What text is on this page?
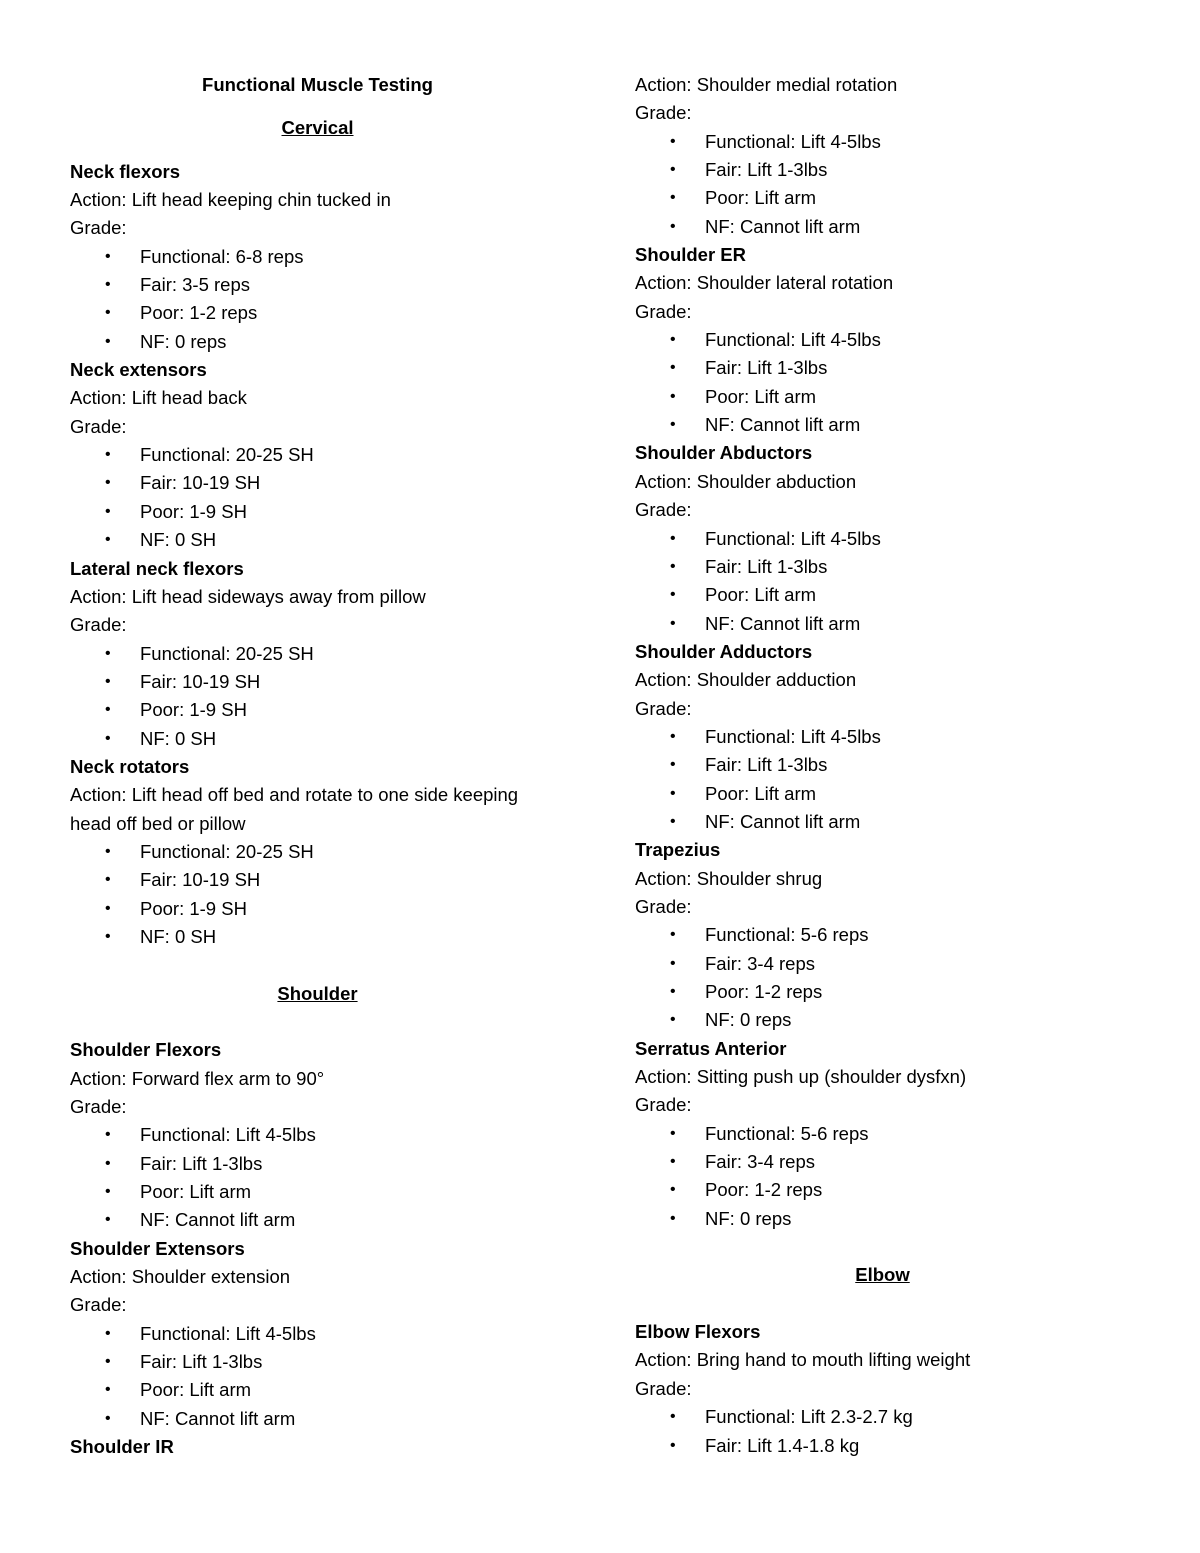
Functional Muscle Testing
Cervical
Neck flexors
Action: Lift head keeping chin tucked in
Grade:
• Functional: 6-8 reps
• Fair: 3-5 reps
• Poor: 1-2 reps
• NF: 0 reps
Neck extensors
Action: Lift head back
Grade:
• Functional: 20-25 SH
• Fair: 10-19 SH
• Poor: 1-9 SH
• NF: 0 SH
Lateral neck flexors
Action: Lift head sideways away from pillow
Grade:
• Functional: 20-25 SH
• Fair: 10-19 SH
• Poor: 1-9 SH
• NF: 0 SH
Neck rotators
Action: Lift head off bed and rotate to one side keeping
head off bed or pillow
• Functional: 20-25 SH
• Fair: 10-19 SH
• Poor: 1-9 SH
• NF: 0 SH
Shoulder
Shoulder Flexors
Action: Forward flex arm to 90°
Grade:
• Functional: Lift 4-5lbs
• Fair: Lift 1-3lbs
• Poor: Lift arm
• NF: Cannot lift arm
Shoulder Extensors
Action: Shoulder extension
Grade:
• Functional: Lift 4-5lbs
• Fair: Lift 1-3lbs
• Poor: Lift arm
• NF: Cannot lift arm
Shoulder IR
Action: Shoulder medial rotation
Grade:
• Functional: Lift 4-5lbs
• Fair: Lift 1-3lbs
• Poor: Lift arm
• NF: Cannot lift arm
Shoulder ER
Action: Shoulder lateral rotation
Grade:
• Functional: Lift 4-5lbs
• Fair: Lift 1-3lbs
• Poor: Lift arm
• NF: Cannot lift arm
Shoulder Abductors
Action: Shoulder abduction
Grade:
• Functional: Lift 4-5lbs
• Fair: Lift 1-3lbs
• Poor: Lift arm
• NF: Cannot lift arm
Shoulder Adductors
Action: Shoulder adduction
Grade:
• Functional: Lift 4-5lbs
• Fair: Lift 1-3lbs
• Poor: Lift arm
• NF: Cannot lift arm
Trapezius
Action: Shoulder shrug
Grade:
• Functional: 5-6 reps
• Fair: 3-4 reps
• Poor: 1-2 reps
• NF: 0 reps
Serratus Anterior
Action: Sitting push up (shoulder dysfxn)
Grade:
• Functional: 5-6 reps
• Fair: 3-4 reps
• Poor: 1-2 reps
• NF: 0 reps
Elbow
Elbow Flexors
Action: Bring hand to mouth lifting weight
Grade:
• Functional: Lift 2.3-2.7 kg
• Fair: Lift 1.4-1.8 kg
